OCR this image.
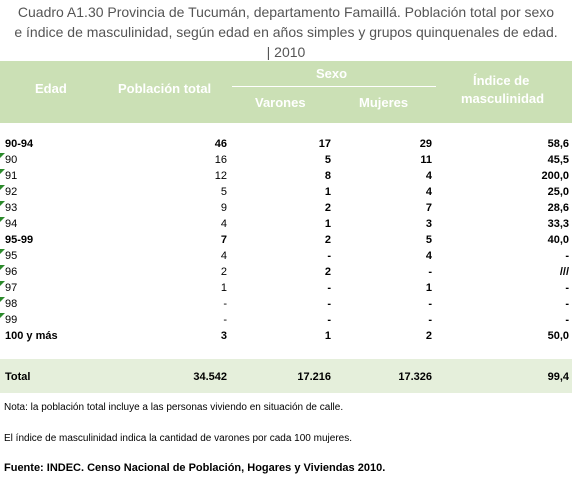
Cuadro A1.30 Provincia de Tucumán, departamento Famaillá. Población total por sexo
e índice de masculinidad, según edad en años simples y grupos quinquenales de edad.
| 2010
Edad	Población total
Sexo
Varones	Mujeres
Índice de
masculinidad
90-94	46	17	29	58,6
90	16	5	11	45,5
91	12	8	4	200,0
92	5	1	4	25,0
93	9	2	7	28,6
94	4	1	3	33,3
95-99	7	2	5	40,0
95	4	-	4	-
96	2	2	-	///
97	1	-	1	-
98	-	-	-	-
99	-	-	-	-
100 y más	3	1	2	50,0
Total	34.542	17.216	17.326	99,4
Nota: la población total incluye a las personas viviendo en situación de calle.
El índice de masculinidad indica la cantidad de varones por cada 100 mujeres.
Fuente: INDEC. Censo Nacional de Población, Hogares y Viviendas 2010.
